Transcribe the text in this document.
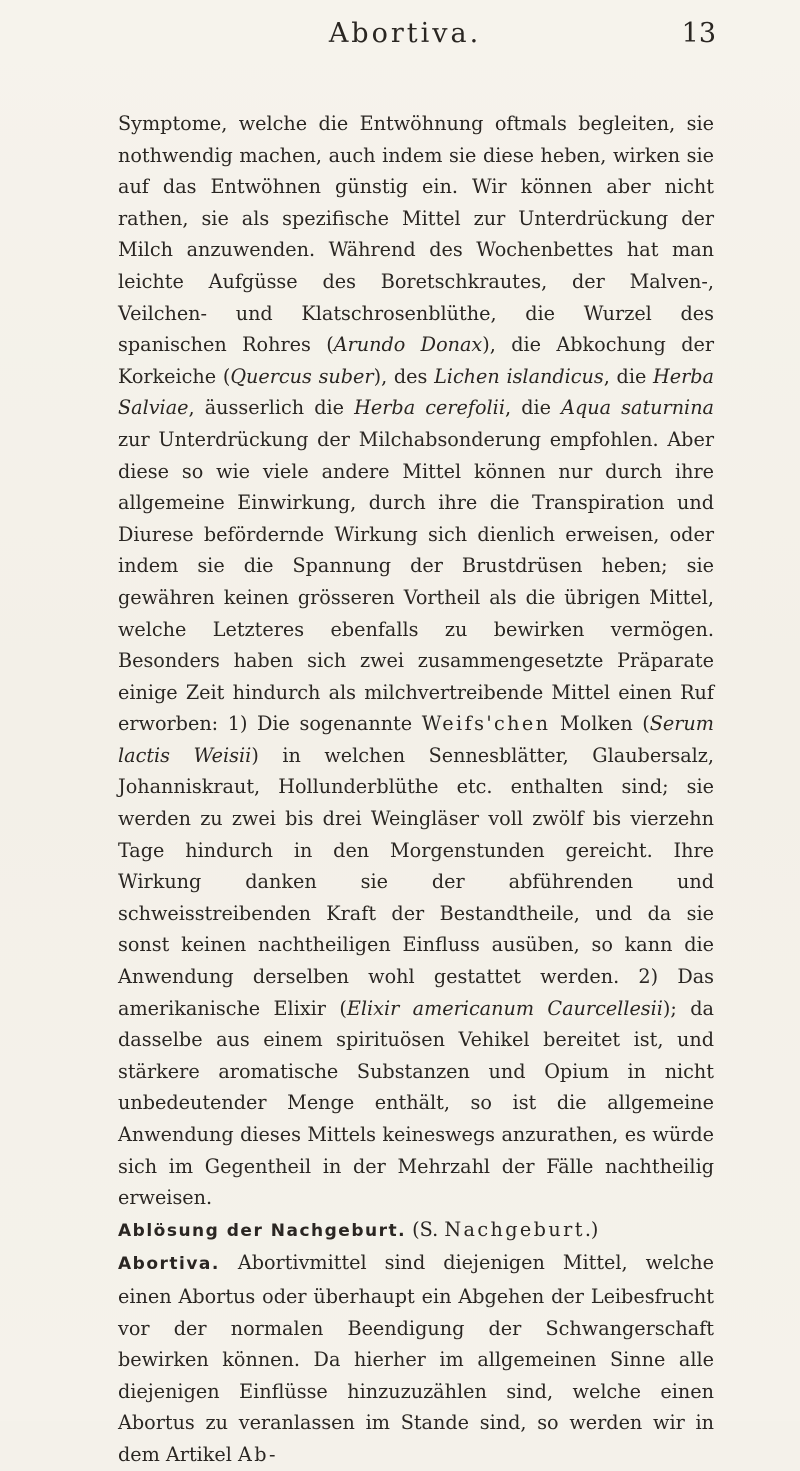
Abortiva.	13

Symptome, welche die Entwöhnung oftmals begleiten, sie nothwendig machen, auch indem sie diese heben, wirken sie auf das Entwöhnen günstig ein. Wir können aber nicht rathen, sie als spezifische Mittel zur Unterdrückung der Milch anzuwenden. Während des Wochenbettes hat man leichte Aufgüsse des Boretschkrautes, der Malven-, Veilchen- und Klatschrosenblüthe, die Wurzel des spanischen Rohres (Arundo Donax), die Abkochung der Korkeiche (Quercus suber), des Lichen islandicus, die Herba Salviae, äusserlich die Herba cerefolii, die Aqua saturnina zur Unterdrückung der Milchabsonderung empfohlen. Aber diese so wie viele andere Mittel können nur durch ihre allgemeine Einwirkung, durch ihre die Transpiration und Diurese befördernde Wirkung sich dienlich erweisen, oder indem sie die Spannung der Brustdrüsen heben; sie gewähren keinen grösseren Vortheil als die übrigen Mittel, welche Letzteres ebenfalls zu bewirken vermögen. Besonders haben sich zwei zusammengesetzte Präparate einige Zeit hindurch als milchvertreibende Mittel einen Ruf erworben: 1) Die sogenannte Weifs'chen Molken (Serum lactis Weisii) in welchen Sennesblätter, Glaubersalz, Johanniskraut, Hollunderblüthe etc. enthalten sind; sie werden zu zwei bis drei Weingläser voll zwölf bis vierzehn Tage hindurch in den Morgenstunden gereicht. Ihre Wirkung danken sie der abführenden und schweisstreibenden Kraft der Bestandtheile, und da sie sonst keinen nachtheiligen Einfluss ausüben, so kann die Anwendung derselben wohl gestattet werden. 2) Das amerikanische Elixir (Elixir americanum Caurcellesii); da dasselbe aus einem spirituösen Vehikel bereitet ist, und stärkere aromatische Substanzen und Opium in nicht unbedeutender Menge enthält, so ist die allgemeine Anwendung dieses Mittels keineswegs anzurathen, es würde sich im Gegentheil in der Mehrzahl der Fälle nachtheilig erweisen.

Ablösung der Nachgeburt. (S. Nachgeburt.)

Abortiva. Abortivmittel sind diejenigen Mittel, welche einen Abortus oder überhaupt ein Abgehen der Leibesfrucht vor der normalen Beendigung der Schwangerschaft bewirken können. Da hierher im allgemeinen Sinne alle diejenigen Einflüsse hinzuzuzählen sind, welche einen Abortus zu veranlassen im Stande sind, so werden wir in dem Artikel Ab-
